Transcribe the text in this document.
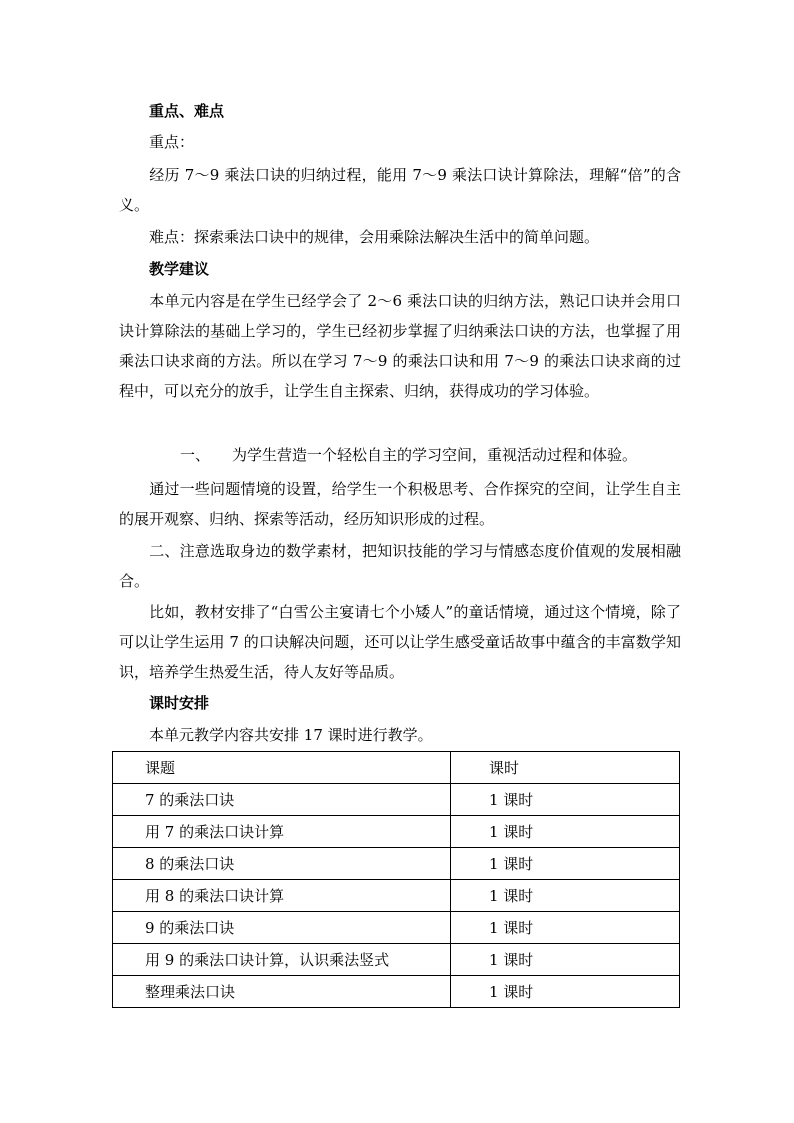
重点、难点
重点：
经历 7～9 乘法口诀的归纳过程，能用 7～9 乘法口诀计算除法，理解“倍”的含义。
难点：探索乘法口诀中的规律，会用乘除法解决生活中的简单问题。
教学建议
本单元内容是在学生已经学会了 2～6 乘法口诀的归纳方法，熟记口诀并会用口诀计算除法的基础上学习的，学生已经初步掌握了归纳乘法口诀的方法，也掌握了用乘法口诀求商的方法。所以在学习 7～9 的乘法口诀和用 7～9 的乘法口诀求商的过程中，可以充分的放手，让学生自主探索、归纳，获得成功的学习体验。
一、 为学生营造一个轻松自主的学习空间，重视活动过程和体验。
通过一些问题情境的设置，给学生一个积极思考、合作探究的空间，让学生自主的展开观察、归纳、探索等活动，经历知识形成的过程。
二、注意选取身边的数学素材，把知识技能的学习与情感态度价值观的发展相融合。
比如，教材安排了“白雪公主宴请七个小矮人”的童话情境，通过这个情境，除了可以让学生运用 7 的口诀解决问题，还可以让学生感受童话故事中蕴含的丰富数学知识，培养学生热爱生活，待人友好等品质。
课时安排
本单元教学内容共安排 17 课时进行教学。
课题	课时
7 的乘法口诀	1 课时
用 7 的乘法口诀计算	1 课时
8 的乘法口诀	1 课时
用 8 的乘法口诀计算	1 课时
9 的乘法口诀	1 课时
用 9 的乘法口诀计算，认识乘法竖式	1 课时
整理乘法口诀	1 课时
